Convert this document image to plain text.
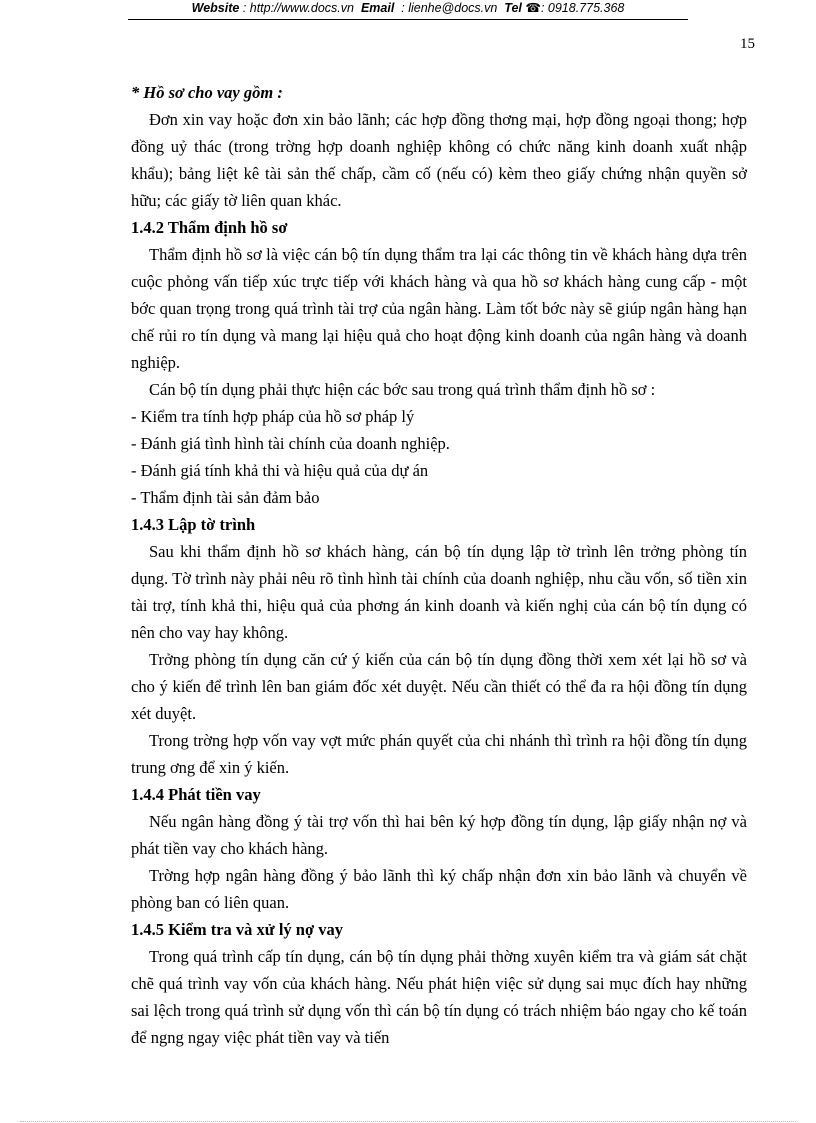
Website : http://www.docs.vn Email : lienhe@docs.vn Tel ☎: 0918.775.368
15

* Hồ sơ cho vay gồm :

Đơn xin vay hoặc đơn xin bảo lãnh; các hợp đồng thơng mại, hợp đồng ngoại thong; hợp đồng uỷ thác (trong trờng hợp doanh nghiệp không có chức năng kinh doanh xuất nhập khẩu); bảng liệt kê tài sản thế chấp, cầm cố (nếu có) kèm theo giấy chứng nhận quyền sở hữu; các giấy tờ liên quan khác.

1.4.2 Thẩm định hồ sơ

Thẩm định hồ sơ là việc cán bộ tín dụng thẩm tra lại các thông tin về khách hàng dựa trên cuộc phỏng vấn tiếp xúc trực tiếp với khách hàng và qua hồ sơ khách hàng cung cấp - một bớc quan trọng trong quá trình tài trợ của ngân hàng. Làm tốt bớc này sẽ giúp ngân hàng hạn chế rủi ro tín dụng và mang lại hiệu quả cho hoạt động kinh doanh của ngân hàng và doanh nghiệp.

Cán bộ tín dụng phải thực hiện các bớc sau trong quá trình thẩm định hồ sơ :

- Kiểm tra tính hợp pháp của hồ sơ pháp lý

- Đánh giá tình hình tài chính của doanh nghiệp.

- Đánh giá tính khả thi và hiệu quả của dự án

- Thẩm định tài sản đảm bảo

1.4.3 Lập tờ trình

Sau khi thẩm định hồ sơ khách hàng, cán bộ tín dụng lập tờ trình lên trởng phòng tín dụng. Tờ trình này phải nêu rõ tình hình tài chính của doanh nghiệp, nhu cầu vốn, số tiền xin tài trợ, tính khả thi, hiệu quả của phơng án kinh doanh và kiến nghị của cán bộ tín dụng có nên cho vay hay không.

Trởng phòng tín dụng căn cứ ý kiến của cán bộ tín dụng đồng thời xem xét lại hồ sơ và cho ý kiến để trình lên ban giám đốc xét duyệt. Nếu cần thiết có thể đa ra hội đồng tín dụng xét duyệt.

Trong trờng hợp vốn vay vợt mức phán quyết của chi nhánh thì trình ra hội đồng tín dụng trung ơng để xin ý kiến.

1.4.4 Phát tiền vay

Nếu ngân hàng đồng ý tài trợ vốn thì hai bên ký hợp đồng tín dụng, lập giấy nhận nợ và phát tiền vay cho khách hàng.

Trờng hợp ngân hàng đồng ý bảo lãnh thì ký chấp nhận đơn xin bảo lãnh và chuyển về phòng ban có liên quan.

1.4.5 Kiểm tra và xử lý nợ vay

Trong quá trình cấp tín dụng, cán bộ tín dụng phải thờng xuyên kiểm tra và giám sát chặt chẽ quá trình vay vốn của khách hàng. Nếu phát hiện việc sử dụng sai mục đích hay những sai lệch trong quá trình sử dụng vốn thì cán bộ tín dụng có trách nhiệm báo ngay cho kế toán để ngng ngay việc phát tiền vay và tiến
